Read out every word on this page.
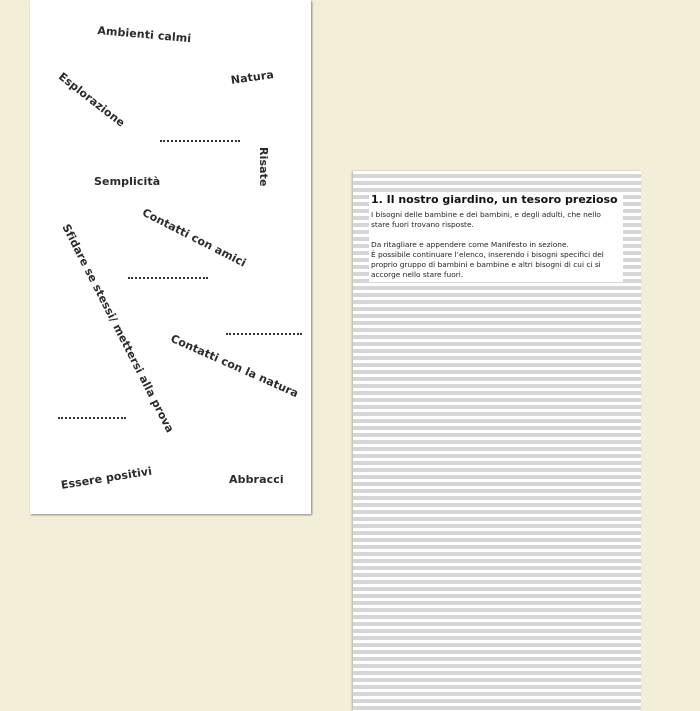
Ambienti calmi
Esplorazione	Natura
Risate
Semplicità
Contatti con amici
Sfidare se stessi/ mettersi alla prova
Contatti con la natura
Essere positivi	Abbracci
1. Il nostro giardino, un tesoro prezioso

I bisogni delle bambine e dei bambini, e degli adulti, che nello stare fuori trovano risposte.

Da ritagliare e appendere come Manifesto in sezione.

È possibile continuare l’elenco, inserendo i bisogni specifici del proprio gruppo di bambini e bambine e altri bisogni di cui ci si accorge nello stare fuori.
